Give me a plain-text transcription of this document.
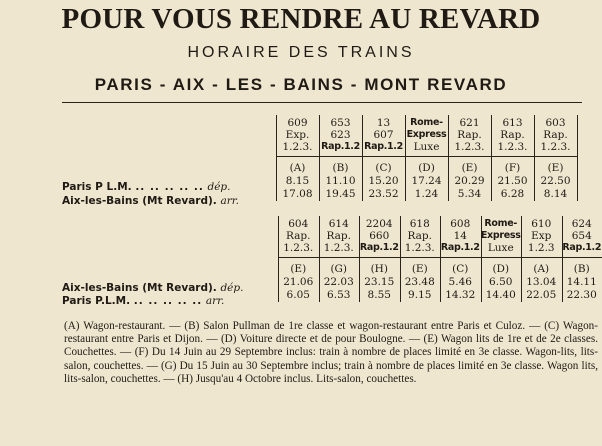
POUR VOUS RENDRE AU REVARD
HORAIRE DES TRAINS
PARIS - AIX - LES - BAINS - MONT REVARD
609
Exp.
1.2.3.
(A)
8.15
17.08
653
623
Rap.1.2
(B)
11.10
19.45
13
607
Rap.1.2
(C)
15.20
23.52
Rome-
Express
Luxe
(D)
17.24
1.24
621
Rap.
1.2.3.
(E)
20.29
5.34
613
Rap.
1.2.3.
(F)
21.50
6.28
603
Rap.
1.2.3.
(E)
22.50
8.14
604
Rap.
1.2.3.
(E)
21.06
6.05
614
Rap.
1.2.3.
(G)
22.03
6.53
2204
660
Rap.1.2
(H)
23.15
8.55
618
Rap.
1.2.3.
(E)
23.48
9.15
608
14
Rap.1.2
(C)
5.46
14.32
Rome-
Express
Luxe
(D)
6.50
14.40
610
Exp
1.2.3
(A)
13.04
22.05
624
654
Rap.1.2
(B)
14.11
22.30
Paris P L.M. .. .. .. .. .. dép.
Aix-les-Bains (Mt Revard). arr.
Aix-les-Bains (Mt Revard). dép.
Paris P.L.M. .. .. .. .. .. arr.

(A) Wagon-restaurant. — (B) Salon Pullman de 1re classe et wagon-restaurant entre Paris et Culoz. — (C) Wagon-restaurant entre Paris et Dijon. — (D) Voiture directe et de pour Boulogne. — (E) Wagon lits de 1re et de 2e classes. Couchettes. — (F) Du 14 Juin au 29 Septembre inclus: train à nombre de places limité en 3e classe. Wagon-lits, lits-salon, couchettes. — (G) Du 15 Juin au 30 Septembre inclus; train à nombre de places limité en 3e classe. Wagon lits, lits-salon, couchettes. — (H) Jusqu'au 4 Octobre inclus. Lits-salon, couchettes.
